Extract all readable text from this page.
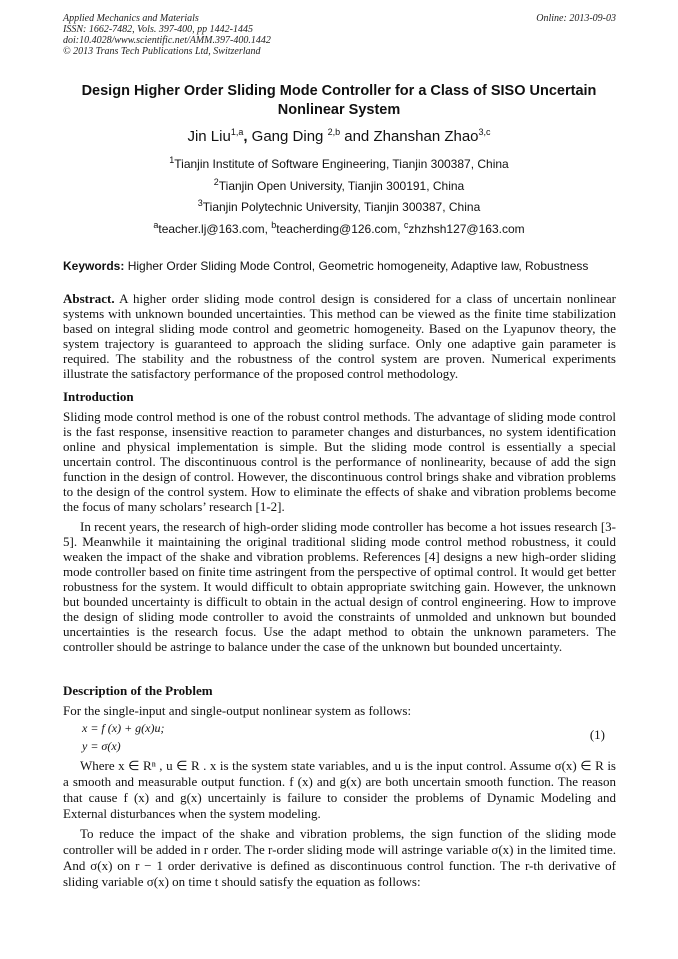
Applied Mechanics and Materials
ISSN: 1662-7482, Vols. 397-400, pp 1442-1445
doi:10.4028/www.scientific.net/AMM.397-400.1442
© 2013 Trans Tech Publications Ltd, Switzerland
Online: 2013-09-03
Design Higher Order Sliding Mode Controller for a Class of SISO Uncertain Nonlinear System
Jin Liu$^{1,a}$, Gang Ding $^{2,b}$ and Zhanshan Zhao$^{3,c}$
$^1$Tianjin Institute of Software Engineering, Tianjin 300387, China
$^2$Tianjin Open University, Tianjin 300191, China
$^3$Tianjin Polytechnic University, Tianjin 300387, China
$^a$teacher.lj@163.com, $^b$teacherding@126.com, $^c$zhzhsh127@163.com
Keywords: Higher Order Sliding Mode Control, Geometric homogeneity, Adaptive law, Robustness
Abstract. A higher order sliding mode control design is considered for a class of uncertain nonlinear systems with unknown bounded uncertainties. This method can be viewed as the finite time stabilization based on integral sliding mode control and geometric homogeneity. Based on the Lyapunov theory, the system trajectory is guaranteed to approach the sliding surface. Only one adaptive gain parameter is required. The stability and the robustness of the control system are proven. Numerical experiments illustrate the satisfactory performance of the proposed control methodology.
Introduction
Sliding mode control method is one of the robust control methods. The advantage of sliding mode control is the fast response, insensitive reaction to parameter changes and disturbances, no system identification online and physical implementation is simple. But the sliding mode control is essentially a special uncertain control. The discontinuous control is the performance of nonlinearity, because of add the sign function in the design of control. However, the discontinuous control brings shake and vibration problems to the design of the control system. How to eliminate the effects of shake and vibration problems become the focus of many scholars’ research [1-2].
In recent years, the research of high-order sliding mode controller has become a hot issues research [3-5]. Meanwhile it maintaining the original traditional sliding mode control method robustness, it could weaken the impact of the shake and vibration problems. References [4] designs a new high-order sliding mode controller based on finite time astringent from the perspective of optimal control. It would get better robustness for the system. It would difficult to obtain appropriate switching gain. However, the unknown but bounded uncertainty is difficult to obtain in the actual design of control engineering. How to improve the design of sliding mode controller to avoid the constraints of unmolded and unknown but bounded uncertainties is the research focus. Use the adapt method to obtain the unknown parameters. The controller should be astringe to balance under the case of the unknown but bounded uncertainty.
Description of the Problem
For the single-input and single-output nonlinear system as follows:
x = f (x) + g(x)u;
y = σ(x)
(1)
Where x ∈ Rⁿ , u ∈ R . x is the system state variables, and u is the input control. Assume σ(x) ∈ R is a smooth and measurable output function. f (x) and g(x) are both uncertain smooth function. The reason that cause f (x) and g(x) uncertainly is failure to consider the problems of Dynamic Modeling and External disturbances when the system modeling.
To reduce the impact of the shake and vibration problems, the sign function of the sliding mode controller will be added in r order. The r-order sliding mode will astringe variable σ(x) in the limited time. And σ(x) on r − 1 order derivative is defined as discontinuous control function. The r-th derivative of sliding variable σ(x) on time t should satisfy the equation as follows:
